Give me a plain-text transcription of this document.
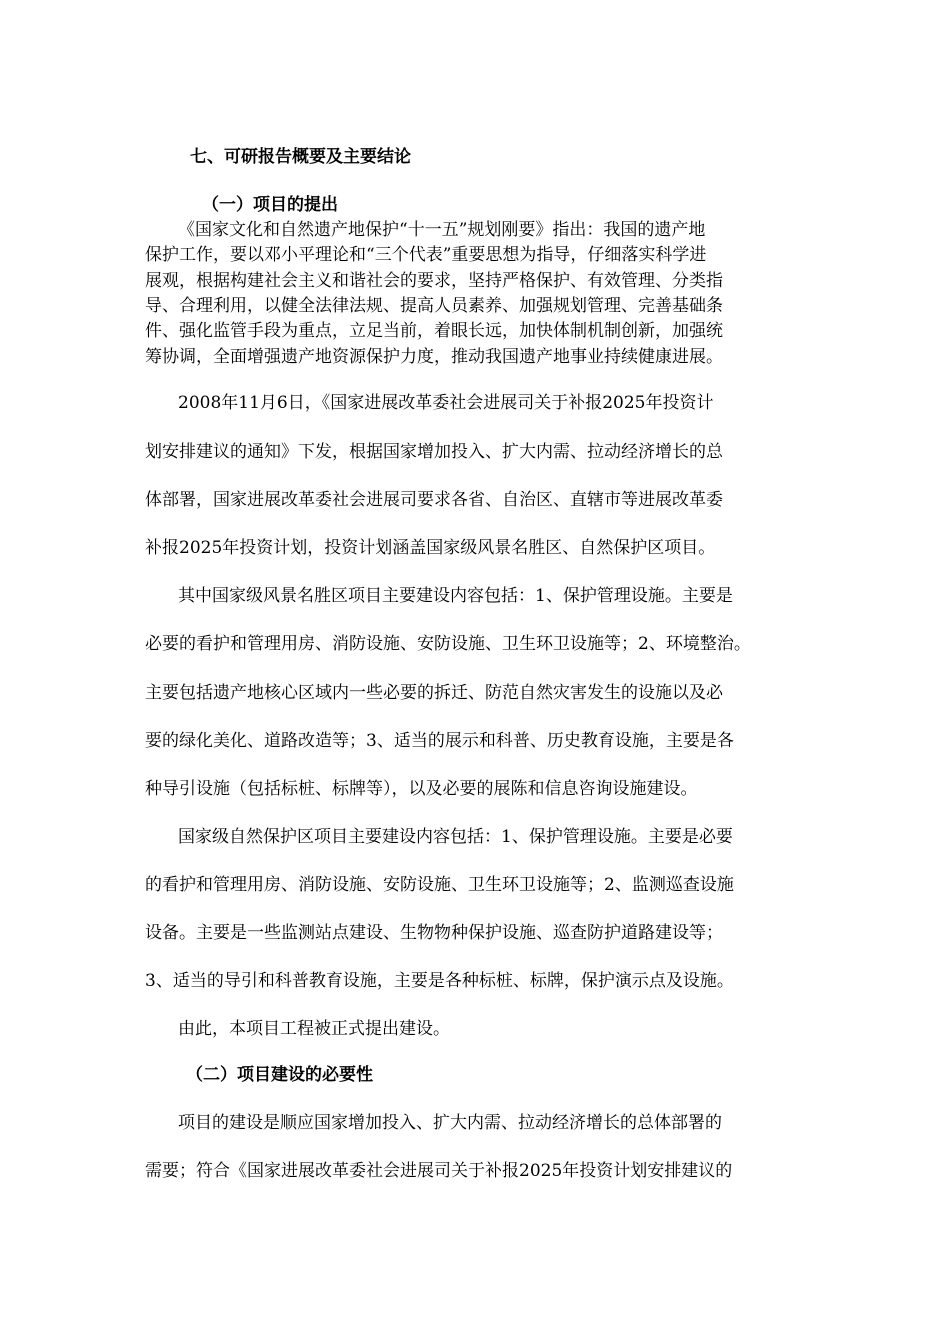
七、可研报告概要及主要结论
（一）项目的提出
《国家文化和自然遗产地保护“十一五”规划刚要》指出：我国的遗产地
保护工作，要以邓小平理论和“三个代表”重要思想为指导，仔细落实科学进
展观，根据构建社会主义和谐社会的要求，坚持严格保护、有效管理、分类指
导、合理利用，以健全法律法规、提高人员素养、加强规划管理、完善基础条
件、强化监管手段为重点，立足当前，着眼长远，加快体制机制创新，加强统
筹协调，全面增强遗产地资源保护力度，推动我国遗产地事业持续健康进展。
2008年11月6日，《国家进展改革委社会进展司关于补报2025年投资计
划安排建议的通知》下发，根据国家增加投入、扩大内需、拉动经济增长的总
体部署，国家进展改革委社会进展司要求各省、自治区、直辖市等进展改革委
补报2025年投资计划，投资计划涵盖国家级风景名胜区、自然保护区项目。
其中国家级风景名胜区项目主要建设内容包括：1、保护管理设施。主要是
必要的看护和管理用房、消防设施、安防设施、卫生环卫设施等；2、环境整治。
主要包括遗产地核心区域内一些必要的拆迁、防范自然灾害发生的设施以及必
要的绿化美化、道路改造等；3、适当的展示和科普、历史教育设施，主要是各
种导引设施（包括标桩、标牌等），以及必要的展陈和信息咨询设施建设。
国家级自然保护区项目主要建设内容包括：1、保护管理设施。主要是必要
的看护和管理用房、消防设施、安防设施、卫生环卫设施等；2、监测巡查设施
设备。主要是一些监测站点建设、生物物种保护设施、巡查防护道路建设等；
3、适当的导引和科普教育设施，主要是各种标桩、标牌，保护演示点及设施。
由此，本项目工程被正式提出建设。
（二）项目建设的必要性
项目的建设是顺应国家增加投入、扩大内需、拉动经济增长的总体部署的
需要；符合《国家进展改革委社会进展司关于补报2025年投资计划安排建议的
